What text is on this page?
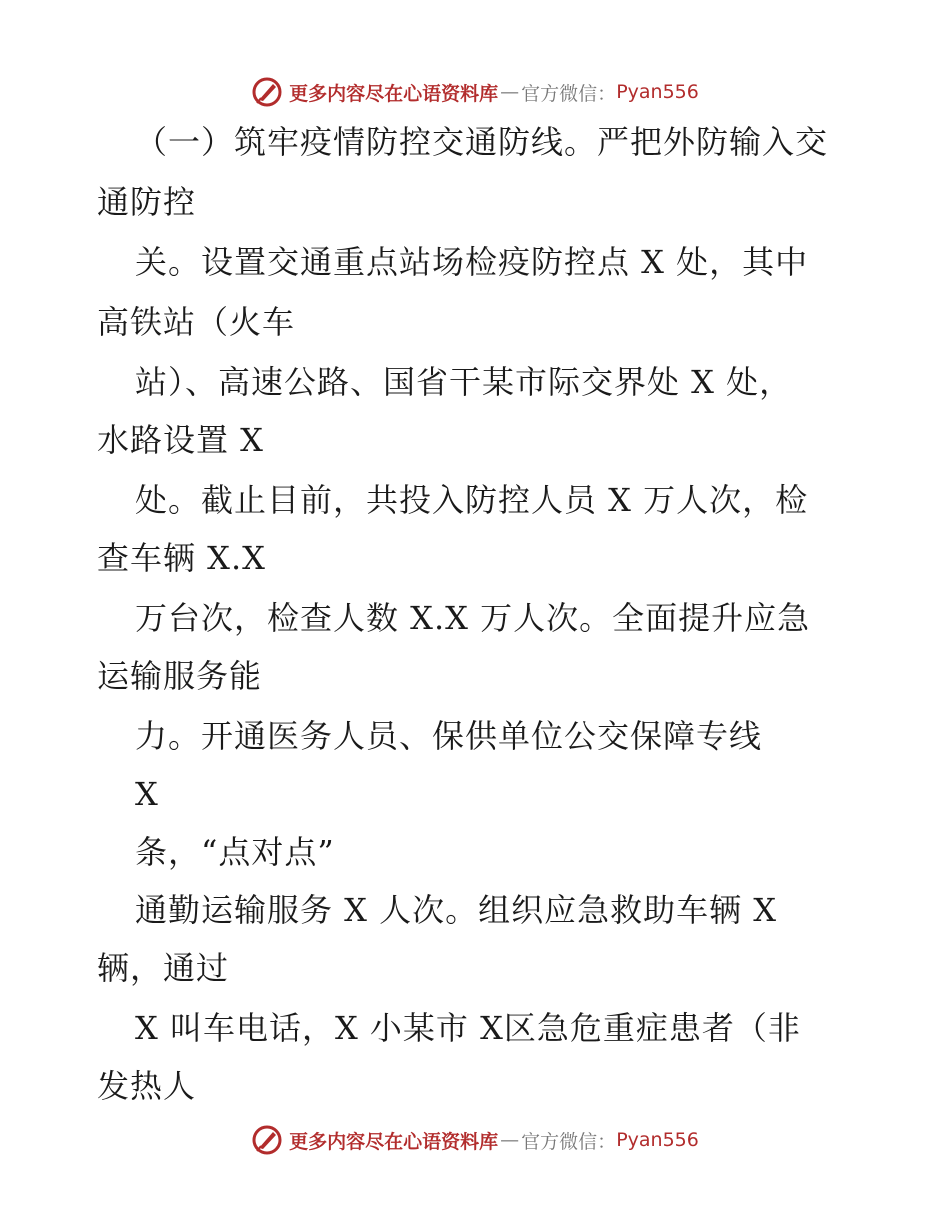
更多内容尽在心语资料库 — 官方微信： Pyan556
（一）筑牢疫情防控交通防线。严把外防输入交
通防控
关。设置交通重点站场检疫防控点 X 处，其中
高铁站（火车
站）、高速公路、国省干某市际交界处 X 处，
水路设置 X
处。截止目前，共投入防控人员 X 万人次，检
查车辆 X.X
万台次，检查人数 X.X 万人次。全面提升应急
运输服务能
力。开通医务人员、保供单位公交保障专线
X
条，“点对点”
通勤运输服务 X 人次。组织应急救助车辆 X
辆，通过
X 叫车电话，X 小某市 X区急危重症患者（非
发热人
更多内容尽在心语资料库 — 官方微信： Pyan556
